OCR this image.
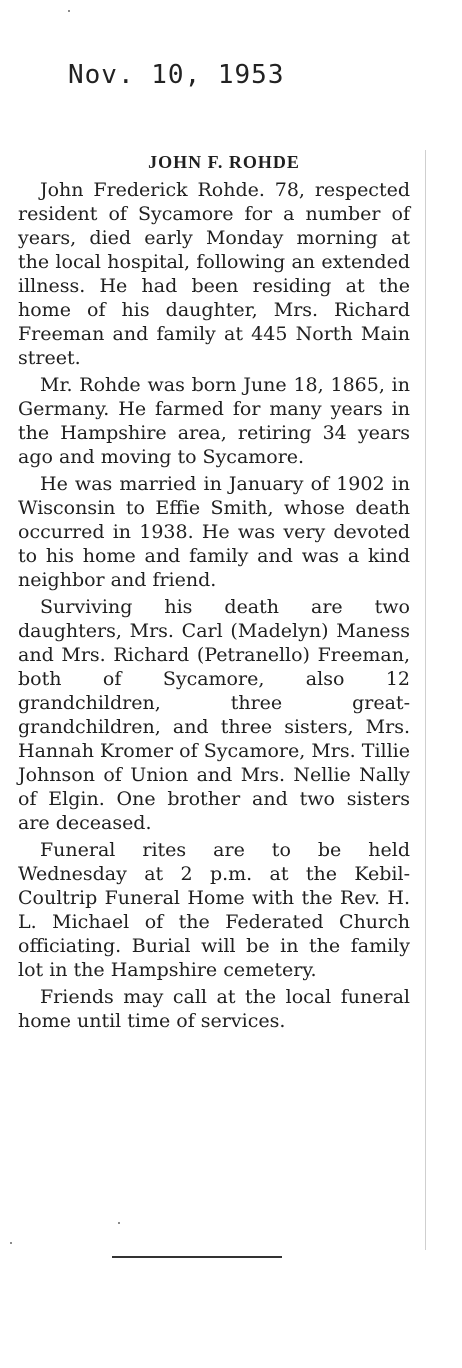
Nov. 10, 1953
JOHN F. ROHDE

John Frederick Rohde. 78, respected resident of Sycamore for a number of years, died early Monday morning at the local hospital, following an extended illness. He had been residing at the home of his daughter, Mrs. Richard Freeman and family at 445 North Main street.

Mr. Rohde was born June 18, 1865, in Germany. He farmed for many years in the Hampshire area, retiring 34 years ago and moving to Sycamore.

He was married in January of 1902 in Wisconsin to Effie Smith, whose death occurred in 1938. He was very devoted to his home and family and was a kind neighbor and friend.

Surviving his death are two daughters, Mrs. Carl (Madelyn) Maness and Mrs. Richard (Petranello) Freeman, both of Sycamore, also 12 grandchildren, three great-grandchildren, and three sisters, Mrs. Hannah Kromer of Sycamore, Mrs. Tillie Johnson of Union and Mrs. Nellie Nally of Elgin. One brother and two sisters are deceased.

Funeral rites are to be held Wednesday at 2 p.m. at the Kebil-Coultrip Funeral Home with the Rev. H. L. Michael of the Federated Church officiating. Burial will be in the family lot in the Hampshire cemetery.

Friends may call at the local funeral home until time of services.
